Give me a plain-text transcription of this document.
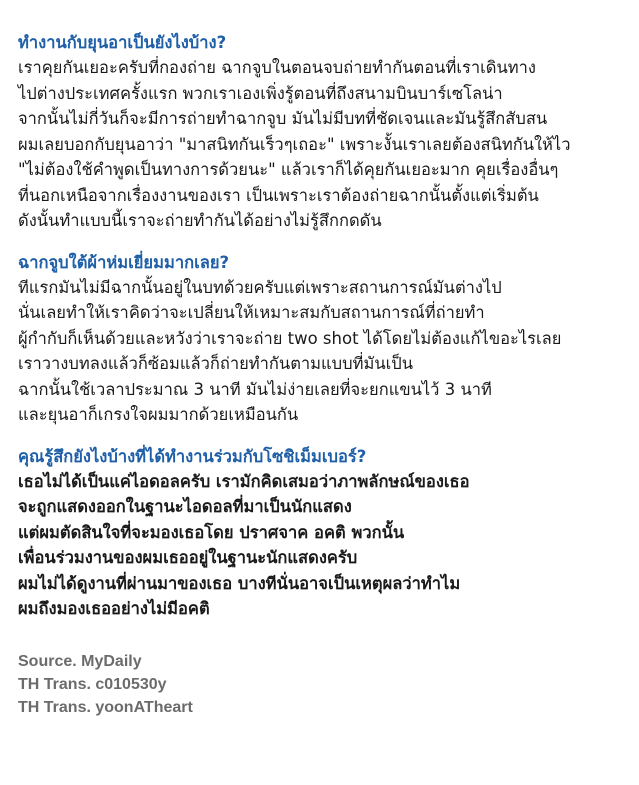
ทำงานกับยุนอาเป็นยังไงบ้าง?

เราคุยกันเยอะครับที่กองถ่าย ฉากจูบในตอนจบถ่ายทำกันตอนที่เราเดินทาง

ไปต่างประเทศครั้งแรก พวกเราเองเพิ่งรู้ตอนที่ถึงสนามบินบาร์เซโลน่า

จากนั้นไม่กี่วันก็จะมีการถ่ายทำฉากจูบ มันไม่มีบทที่ชัดเจนและมันรู้สึกสับสน

ผมเลยบอกกับยุนอาว่า "มาสนิทกันเร็วๆเถอะ" เพราะงั้นเราเลยต้องสนิทกันให้ไว

"ไม่ต้องใช้คำพูดเป็นทางการด้วยนะ" แล้วเราก็ได้คุยกันเยอะมาก คุยเรื่องอื่นๆ

ที่นอกเหนือจากเรื่องงานของเรา เป็นเพราะเราต้องถ่ายฉากนั้นตั้งแต่เริ่มต้น

ดังนั้นทำแบบนี้เราจะถ่ายทำกันได้อย่างไม่รู้สึกกดดัน

ฉากจูบใต้ผ้าห่มเยี่ยมมากเลย?

ทีแรกมันไม่มีฉากนั้นอยู่ในบทด้วยครับแต่เพราะสถานการณ์มันต่างไป

นั่นเลยทำให้เราคิดว่าจะเปลี่ยนให้เหมาะสมกับสถานการณ์ที่ถ่ายทำ

ผู้กำกับก็เห็นด้วยและหวังว่าเราจะถ่าย two shot ได้โดยไม่ต้องแก้ไขอะไรเลย

เราวางบทลงแล้วก็ซ้อมแล้วก็ถ่ายทำกันตามแบบที่มันเป็น

ฉากนั้นใช้เวลาประมาณ 3 นาที มันไม่ง่ายเลยที่จะยกแขนไว้ 3 นาที

และยุนอาก็เกรงใจผมมากด้วยเหมือนกัน

คุณรู้สึกยังไงบ้างที่ได้ทำงานร่วมกับโซชิเม็มเบอร์?

เธอไม่ได้เป็นแค่ไอดอลครับ เรามักคิดเสมอว่าภาพลักษณ์ของเธอ

จะถูกแสดงออกในฐานะไอดอลที่มาเป็นนักแสดง

แต่ผมตัดสินใจที่จะมองเธอโดย ปราศจาค อคติ พวกนั้น

เพื่อนร่วมงานของผมเธออยู่ในฐานะนักแสดงครับ

ผมไม่ได้ดูงานที่ผ่านมาของเธอ บางทีนั่นอาจเป็นเหตุผลว่าทำไม

ผมถึงมองเธออย่างไม่มีอคติ

Source. MyDaily

TH Trans. c010530y

TH Trans. yoonATheart
